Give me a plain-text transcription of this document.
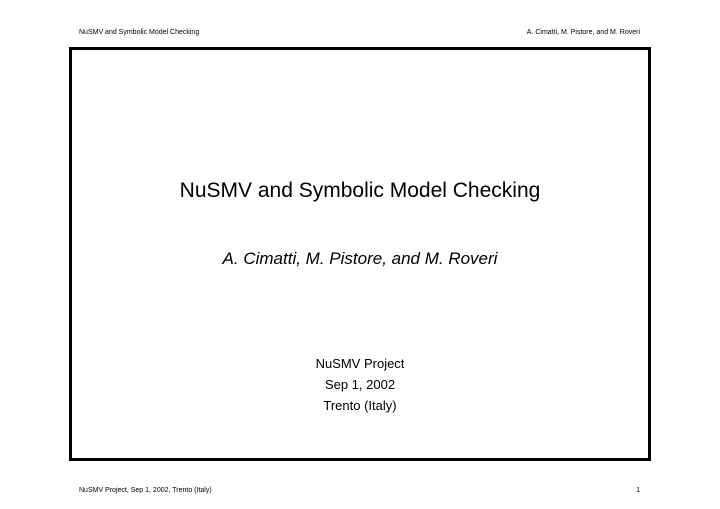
NuSMV and Symbolic Model Checking	A. Cimatti, M. Pistore, and M. Roveri
NuSMV and Symbolic Model Checking
A. Cimatti, M. Pistore, and M. Roveri
NuSMV Project
Sep 1, 2002
Trento (Italy)
NuSMV Project, Sep 1, 2002, Trento (Italy)	1
